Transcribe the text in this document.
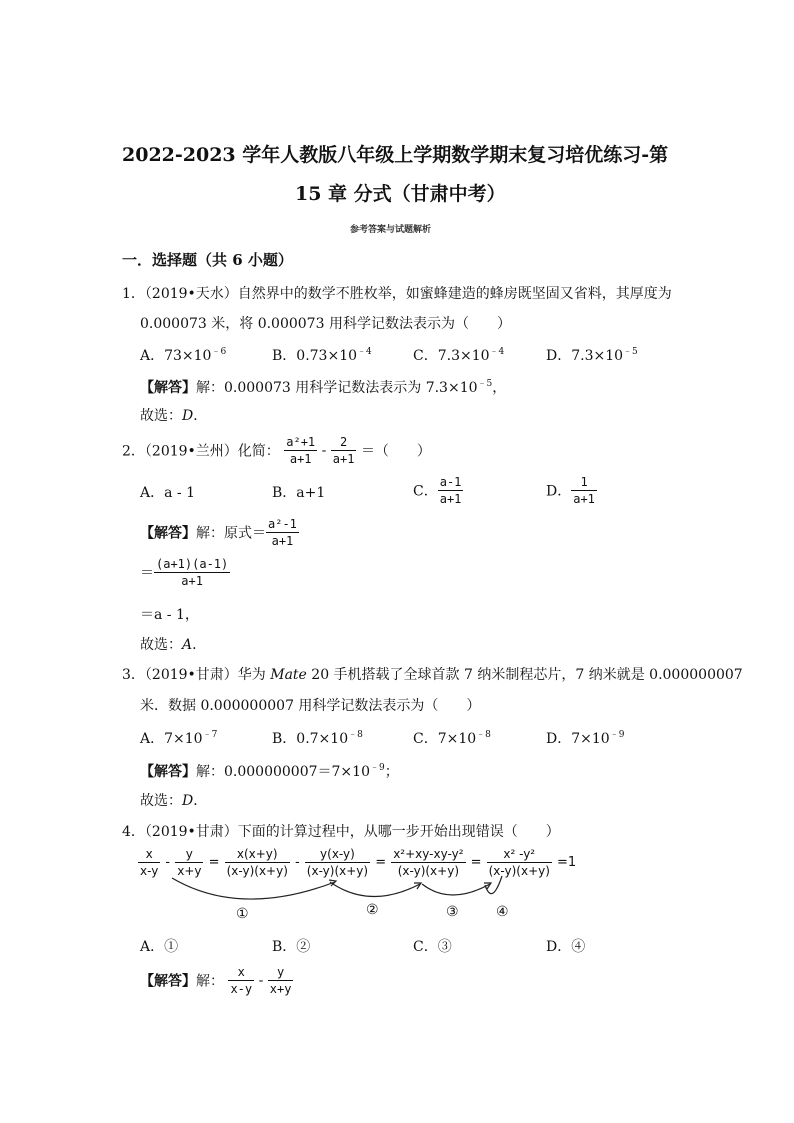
2022-2023 学年人教版八年级上学期数学期末复习培优练习-第
15 章 分式（甘肃中考）
参考答案与试题解析
一．选择题（共 6 小题）
1．（2019•天水）自然界中的数学不胜枚举，如蜜蜂建造的蜂房既坚固又省料，其厚度为
0.000073 米，将 0.000073 用科学记数法表示为（　　）
A．$73\times 10^{﹣6}$	B．$0.73\times 10^{﹣4}$	C．$7.3\times 10^{﹣4}$	D．$7.3\times 10^{﹣5}$
【解答】解：0.000073 用科学记数法表示为 $7.3\times 10^{﹣5}$，
故选：D．
2．（2019•兰州）化简： $\frac{\text{a²+1}}{a+1} - \frac{2}{a+1}$ ＝（　　）
A．a - 1	B．a+1	C． $\frac{a-1}{a+1}$	D． $\frac{1}{a+1}$
【解答】解：原式＝ $\frac{\text{a²-1}}{a+1}$
＝ $\frac{(a+1)(a-1)}{a+1}$
＝a - 1，
故选：A．
3．（2019•甘肃）华为 Mate 20 手机搭载了全球首款 7 纳米制程芯片，7 纳米就是 0.000000007
米．数据 0.000000007 用科学记数法表示为（　　）
A．$7\times 10^{﹣7}$	B．$0.7\times 10^{﹣8}$	C．$7\times 10^{﹣8}$	D．$7\times 10^{﹣9}$
【解答】解：$0.000000007=7\times 10^{﹣9}$；
故选：D．
4．（2019•甘肃）下面的计算过程中，从哪一步开始出现错误（　　）
$\frac{x}{x-y} - \frac{y}{x+y} = \frac{x(x+y)}{(x-y)(x+y)} - \frac{y(x-y)}{(x-y)(x+y)} = \frac{\text{x²+xy-xy-y²}}{(x-y)(x+y)} = \frac{\text{x² -y²}}{(x-y)(x+y)} =1$
①	②	③	④
A．①	B．②	C．③	D．④
【解答】解： $\frac{x}{x-y} - \frac{y}{x+y}$
